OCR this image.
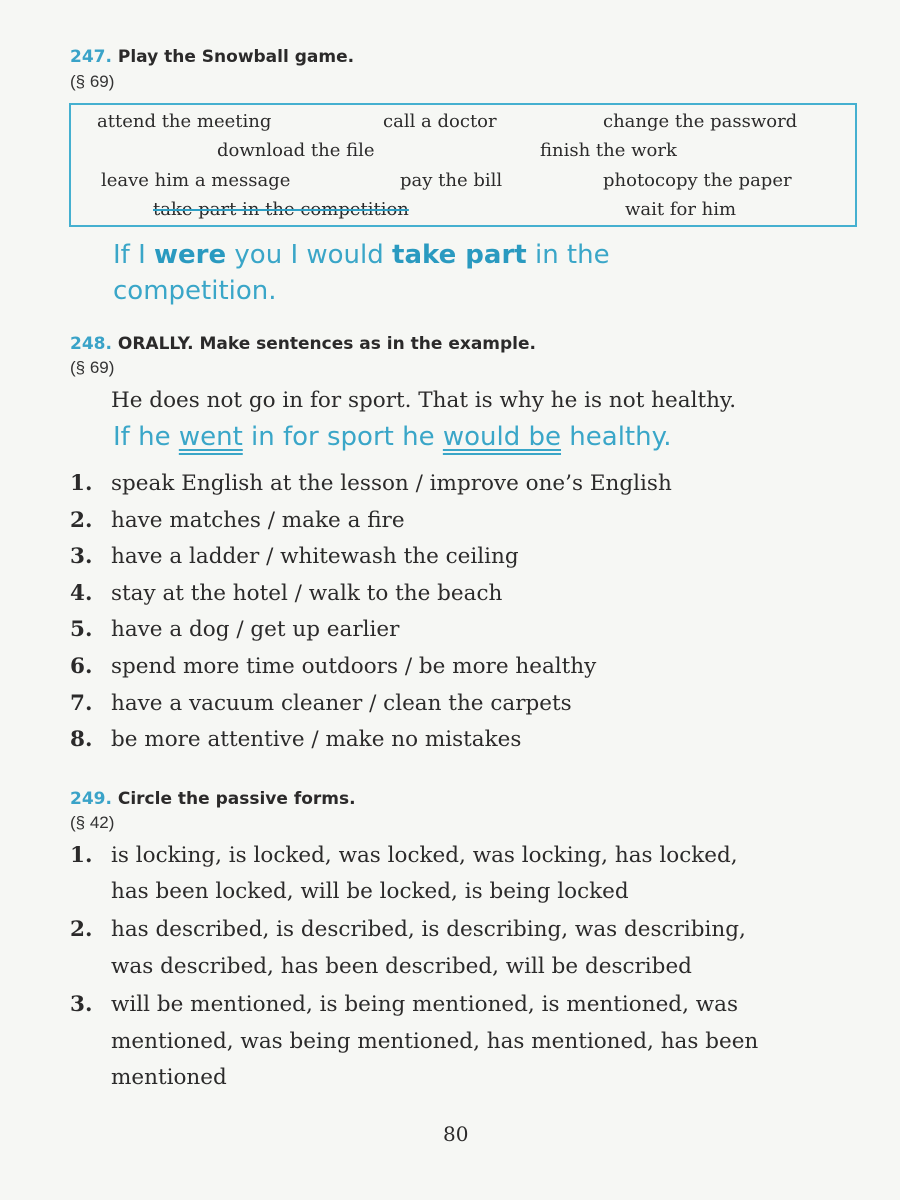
247. Play the Snowball game.
(§ 69)
attend the meeting	call a doctor	change the password
download the file	finish the work
leave him a message	pay the bill	photocopy the paper
take part in the competition	wait for him
If I were you I would take part in the
competition.
248. ORALLY. Make sentences as in the example.
(§ 69)
He does not go in for sport. That is why he is not healthy.
If he went in for sport he would be healthy.
1. speak English at the lesson / improve one’s English
2. have matches / make a fire
3. have a ladder / whitewash the ceiling
4. stay at the hotel / walk to the beach
5. have a dog / get up earlier
6. spend more time outdoors / be more healthy
7. have a vacuum cleaner / clean the carpets
8. be more attentive / make no mistakes
249. Circle the passive forms.
(§ 42)
1. is locking, is locked, was locked, was locking, has locked,
has been locked, will be locked, is being locked
2. has described, is described, is describing, was describing,
was described, has been described, will be described
3. will be mentioned, is being mentioned, is mentioned, was
mentioned, was being mentioned, has mentioned, has been
mentioned
80
